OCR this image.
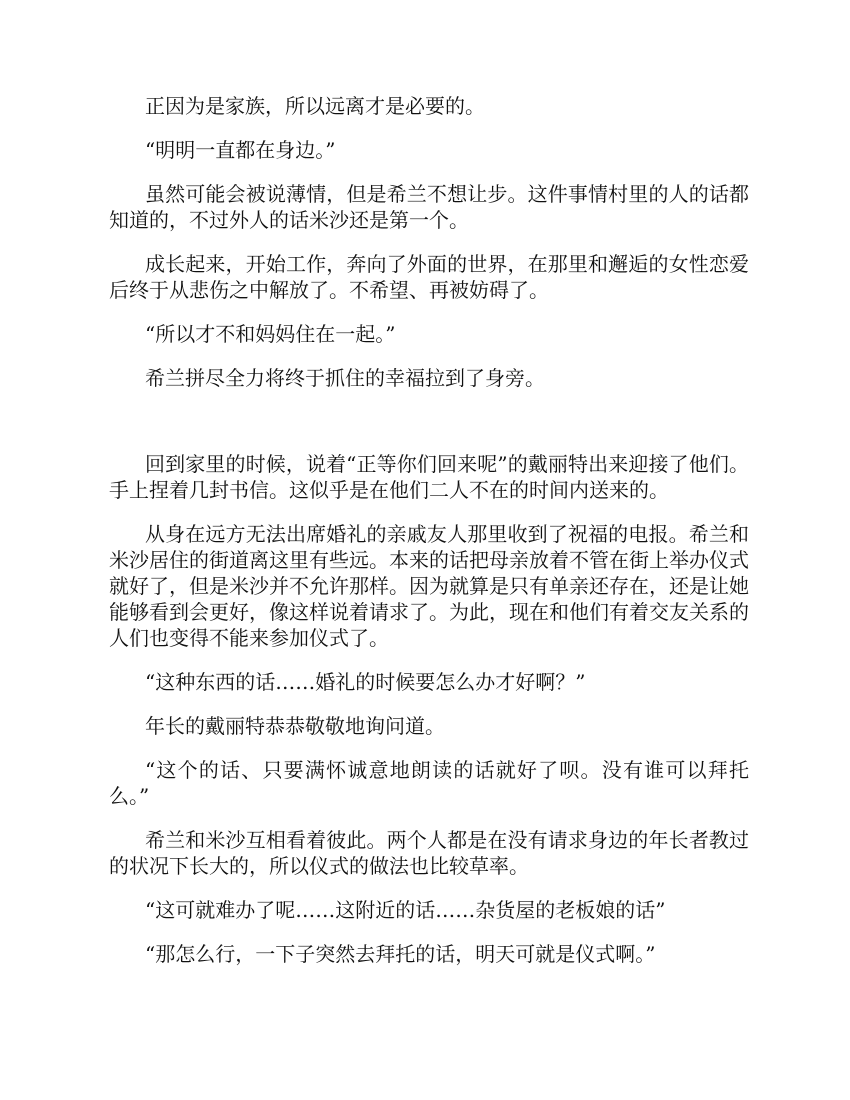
正因为是家族，所以远离才是必要的。

“明明一直都在身边。”

虽然可能会被说薄情，但是希兰不想让步。这件事情村里的人的话都知道的，不过外人的话米沙还是第一个。

成长起来，开始工作，奔向了外面的世界，在那里和邂逅的女性恋爱后终于从悲伤之中解放了。不希望、再被妨碍了。

“所以才不和妈妈住在一起。”

希兰拼尽全力将终于抓住的幸福拉到了身旁。

回到家里的时候，说着“正等你们回来呢”的戴丽特出来迎接了他们。手上捏着几封书信。这似乎是在他们二人不在的时间内送来的。

从身在远方无法出席婚礼的亲戚友人那里收到了祝福的电报。希兰和米沙居住的街道离这里有些远。本来的话把母亲放着不管在街上举办仪式就好了，但是米沙并不允许那样。因为就算是只有单亲还存在，还是让她能够看到会更好，像这样说着请求了。为此，现在和他们有着交友关系的人们也变得不能来参加仪式了。

“这种东西的话……婚礼的时候要怎么办才好啊？”

年长的戴丽特恭恭敬敬地询问道。

“这个的话、只要满怀诚意地朗读的话就好了呗。没有谁可以拜托么。”

希兰和米沙互相看着彼此。两个人都是在没有请求身边的年长者教过的状况下长大的，所以仪式的做法也比较草率。

“这可就难办了呢……这附近的话……杂货屋的老板娘的话”

“那怎么行，一下子突然去拜托的话，明天可就是仪式啊。”
